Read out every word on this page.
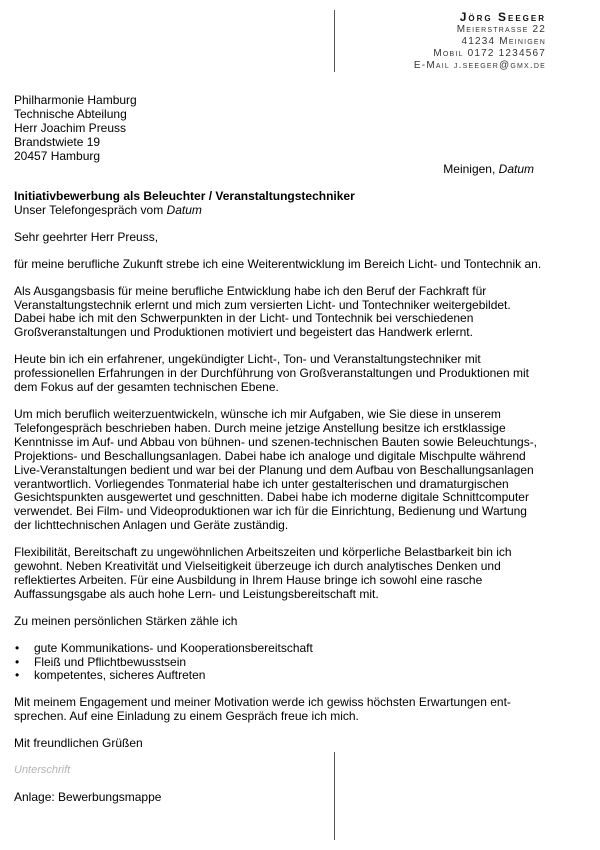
Jörg Seeger
Meierstrasse 22
41234 Meinigen
Mobil 0172 1234567
E-Mail j.seeger@gmx.de
Philharmonie Hamburg
Technische Abteilung
Herr Joachim Preuss
Brandstwiete 19
20457 Hamburg
Meinigen, Datum
Initiativbewerbung als Beleuchter / Veranstaltungstechniker
Unser Telefongespräch vom Datum
Sehr geehrter Herr Preuss,
für meine berufliche Zukunft strebe ich eine Weiterentwicklung im Bereich Licht- und Tontechnik an.
Als Ausgangsbasis für meine berufliche Entwicklung habe ich den Beruf der Fachkraft für Veranstaltungstechnik erlernt und mich zum versierten Licht- und Tontechniker weitergebildet. Dabei habe ich mit den Schwerpunkten in der Licht- und Tontechnik bei verschiedenen Großveranstaltungen und Produktionen motiviert und begeistert das Handwerk erlernt.
Heute bin ich ein erfahrener, ungekündigter Licht-, Ton- und Veranstaltungstechniker mit professionellen Erfahrungen in der Durchführung von Großveranstaltungen und Produktionen mit dem Fokus auf der gesamten technischen Ebene.
Um mich beruflich weiterzuentwickeln, wünsche ich mir Aufgaben, wie Sie diese in unserem Telefongespräch beschrieben haben. Durch meine jetzige Anstellung besitze ich erstklassige Kenntnisse im Auf- und Abbau von bühnen- und szenen-technischen Bauten sowie Beleuchtungs-, Projektions- und Beschallungsanlagen. Dabei habe ich analoge und digitale Mischpulte während Live-Veranstaltungen bedient und war bei der Planung und dem Aufbau von Beschallungsanlagen verantwortlich. Vorliegendes Tonmaterial habe ich unter gestalterischen und dramaturgischen Gesichtspunkten ausgewertet und geschnitten. Dabei habe ich moderne digitale Schnittcomputer verwendet. Bei Film- und Videoproduktionen war ich für die Einrichtung, Bedienung und Wartung der lichttechnischen Anlagen und Geräte zuständig.
Flexibilität, Bereitschaft zu ungewöhnlichen Arbeitszeiten und körperliche Belastbarkeit bin ich gewohnt. Neben Kreativität und Vielseitigkeit überzeuge ich durch analytisches Denken und reflektiertes Arbeiten. Für eine Ausbildung in Ihrem Hause bringe ich sowohl eine rasche Auffassungsgabe als auch hohe Lern- und Leistungsbereitschaft mit.
Zu meinen persönlichen Stärken zähle ich
• gute Kommunikations- und Kooperationsbereitschaft
• Fleiß und Pflichtbewusstsein
• kompetentes, sicheres Auftreten
Mit meinem Engagement und meiner Motivation werde ich gewiss höchsten Erwartungen ent-sprechen. Auf eine Einladung zu einem Gespräch freue ich mich.
Mit freundlichen Grüßen
Unterschrift
Anlage: Bewerbungsmappe
